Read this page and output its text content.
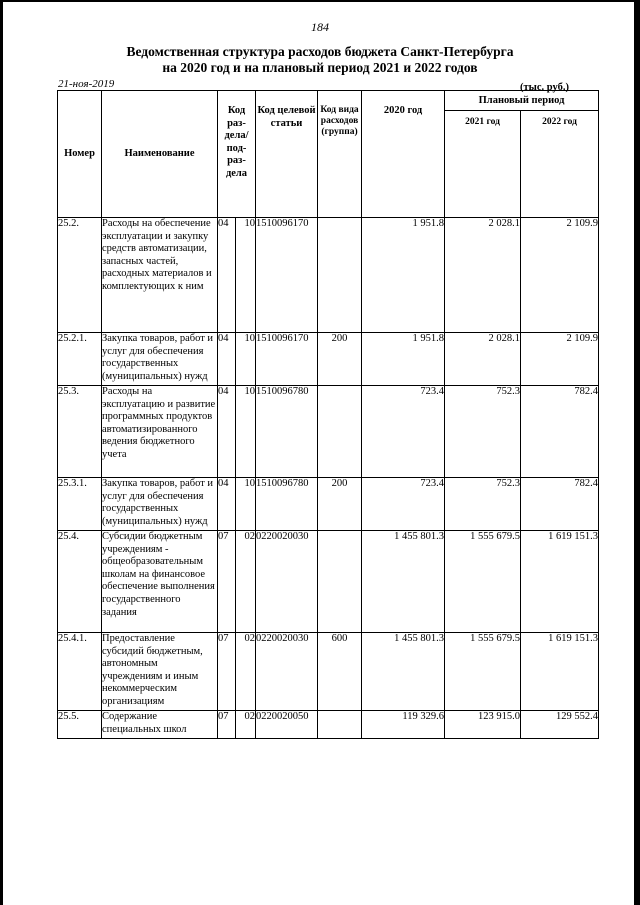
184
Ведомственная структура расходов бюджета Санкт-Петербурга
на 2020 год и на плановый период 2021 и 2022 годов
21-ноя-2019	(тыс. руб.)
Номер	Наименование	Код раз- дела/ под- раз- дела		Код целевой статьи	Код вида расходов (группа)	2020 год	Плановый период	
							2021 год	2022 год
25.2.	Расходы на обеспечение эксплуатации и закупку средств автоматизации, запасных частей, расходных материалов и комплектующих к ним	04	10	1510096170		1 951.8	2 028.1	2 109.9
25.2.1.	Закупка товаров, работ и услуг для обеспечения государственных (муниципальных) нужд	04	10	1510096170	200	1 951.8	2 028.1	2 109.9
25.3.	Расходы на эксплуатацию и развитие программных продуктов автоматизированного ведения бюджетного учета	04	10	1510096780		723.4	752.3	782.4
25.3.1.	Закупка товаров, работ и услуг для обеспечения государственных (муниципальных) нужд	04	10	1510096780	200	723.4	752.3	782.4
25.4.	Субсидии бюджетным учреждениям - общеобразовательным школам на финансовое обеспечение выполнения государственного задания	07	02	0220020030		1 455 801.3	1 555 679.5	1 619 151.3
25.4.1.	Предоставление субсидий бюджетным, автономным учреждениям и иным некоммерческим организациям	07	02	0220020030	600	1 455 801.3	1 555 679.5	1 619 151.3
25.5.	Содержание специальных школ	07	02	0220020050		119 329.6	123 915.0	129 552.4
